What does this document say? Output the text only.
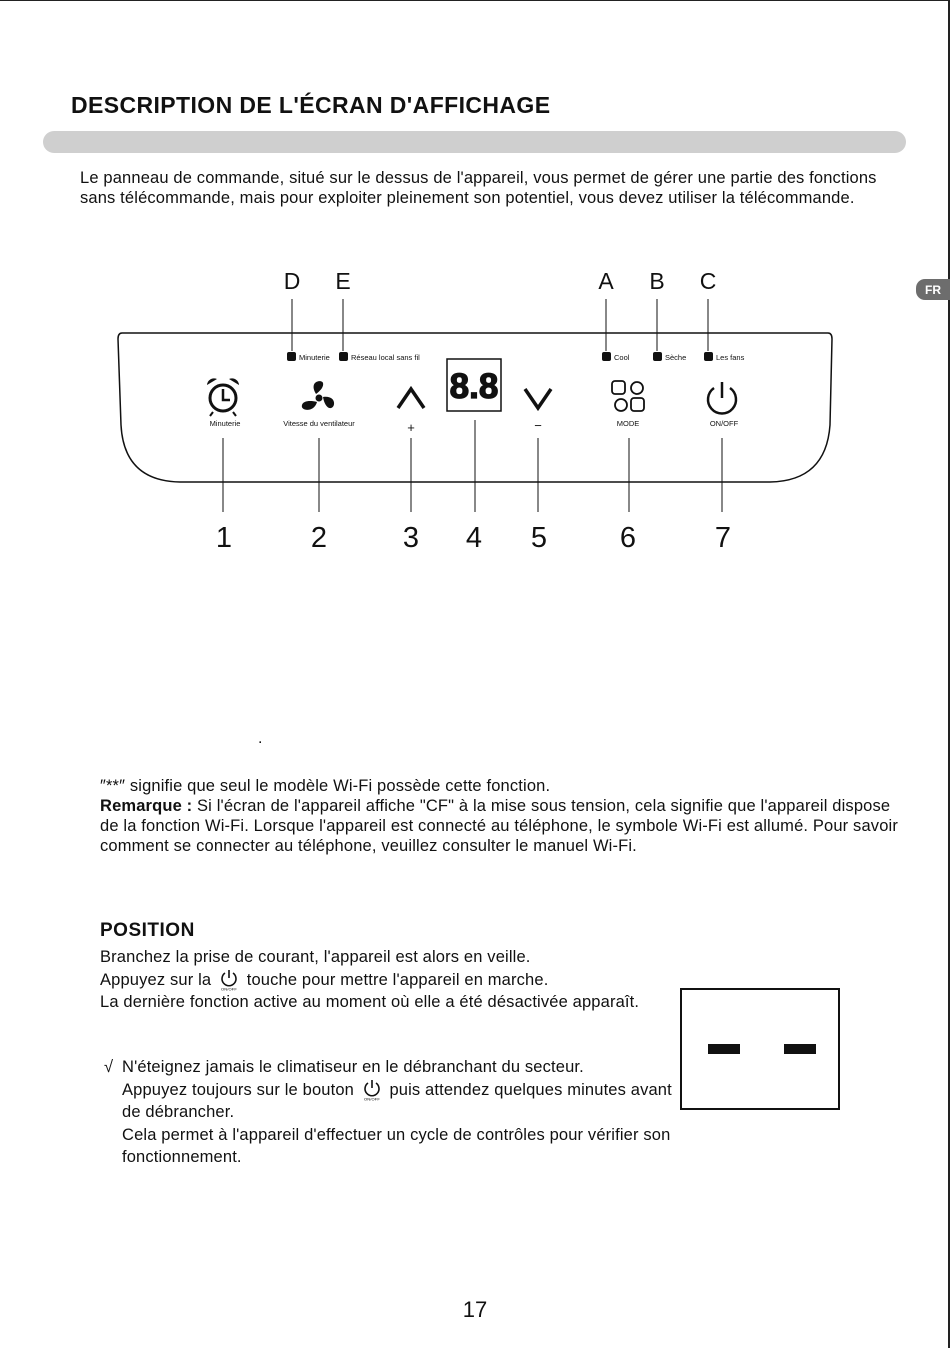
DESCRIPTION DE L'ÉCRAN D'AFFICHAGE
FR
Le panneau de commande, situé sur le dessus de l'appareil, vous permet de gérer une partie des fonctions sans télécommande, mais pour exploiter pleinement son potentiel, vous devez utiliser la télécommande.
D E	A B C
Minuterie	Réseau local sans fil	Cool	Sèche	Les fans
Minuterie	Vitesse du ventilateur	+
8.8
−	MODE	ON/OFF
1	2	3 4 5	6	7
.

″**″ signifie que seul le modèle Wi-Fi possède cette fonction.

Remarque : Si l'écran de l'appareil affiche "CF" à la mise sous tension, cela signifie que l'appareil dispose de la fonction Wi-Fi. Lorsque l'appareil est connecté au téléphone, le symbole Wi-Fi est allumé. Pour savoir comment se connecter au téléphone, veuillez consulter le manuel Wi-Fi.

POSITION

Branchez la prise de courant, l'appareil est alors en veille.

Appuyez sur la ON/OFF touche pour mettre l'appareil en marche.

La dernière fonction active au moment où elle a été désactivée apparaît.

√ N'éteignez jamais le climatiseur en le débranchant du secteur.

Appuyez toujours sur le bouton ON/OFF puis attendez quelques minutes avant de débrancher.

Cela permet à l'appareil d'effectuer un cycle de contrôles pour vérifier son fonctionnement.

17
